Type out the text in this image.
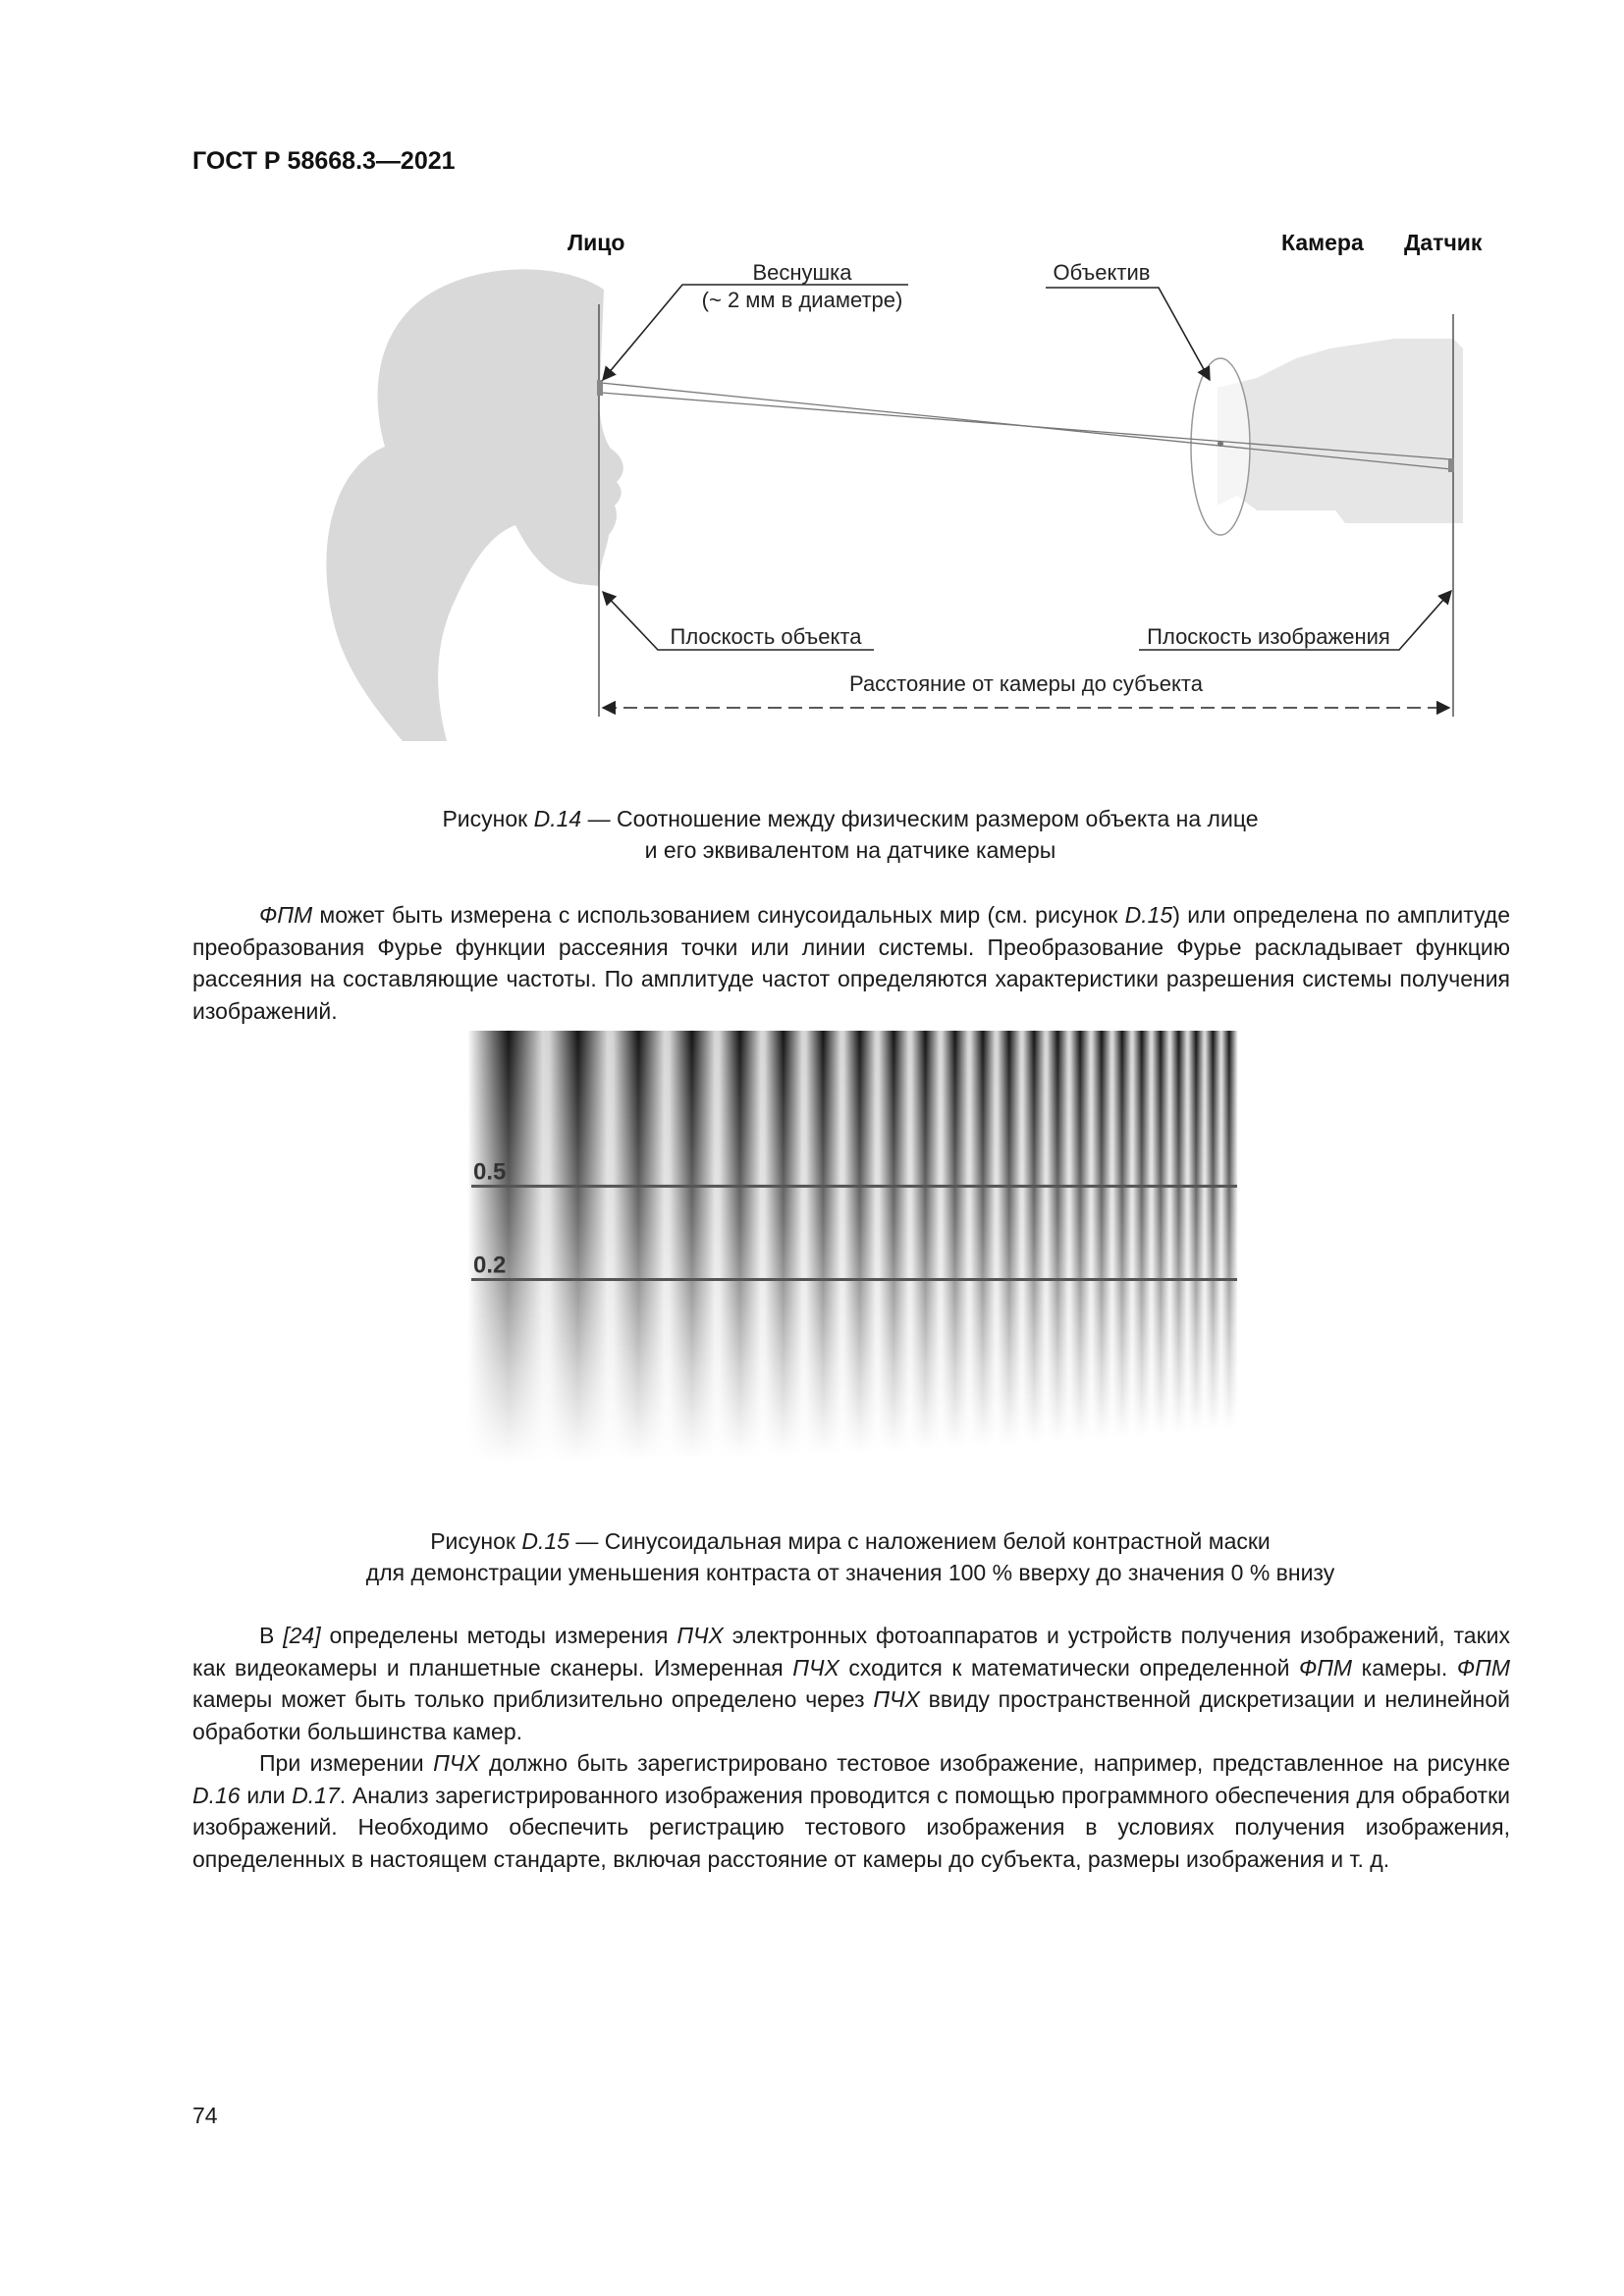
ГОСТ Р 58668.3—2021
Лицо	Камера Датчик
Веснушка
(~ 2 мм в диаметре)
Объектив
Плоскость объекта	Плоскость изображения
Расстояние от камеры до субъекта
Рисунок D.14 — Соотношение между физическим размером объекта на лице
и его эквивалентом на датчике камеры

ФПМ может быть измерена с использованием синусоидальных мир (см. рисунок D.15) или определена по амплитуде преобразования Фурье функции рассеяния точки или линии системы. Преобразование Фурье раскладывает функцию рассеяния на составляющие частоты. По амплитуде частот определяются характеристики разрешения системы получения изображений.

0.5
0.2
Рисунок D.15 — Синусоидальная мира с наложением белой контрастной маски
для демонстрации уменьшения контраста от значения 100 % вверху до значения 0 % внизу

В [24] определены методы измерения ПЧХ электронных фотоаппаратов и устройств получения изображений, таких как видеокамеры и планшетные сканеры. Измеренная ПЧХ сходится к математически определенной ФПМ камеры. ФПМ камеры может быть только приблизительно определено через ПЧХ ввиду пространственной дискретизации и нелинейной обработки большинства камер.

При измерении ПЧХ должно быть зарегистрировано тестовое изображение, например, представленное на рисунке D.16 или D.17. Анализ зарегистрированного изображения проводится с помощью программного обеспечения для обработки изображений. Необходимо обеспечить регистрацию тестового изображения в условиях получения изображения, определенных в настоящем стандарте, включая расстояние от камеры до субъекта, размеры изображения и т. д.

74
